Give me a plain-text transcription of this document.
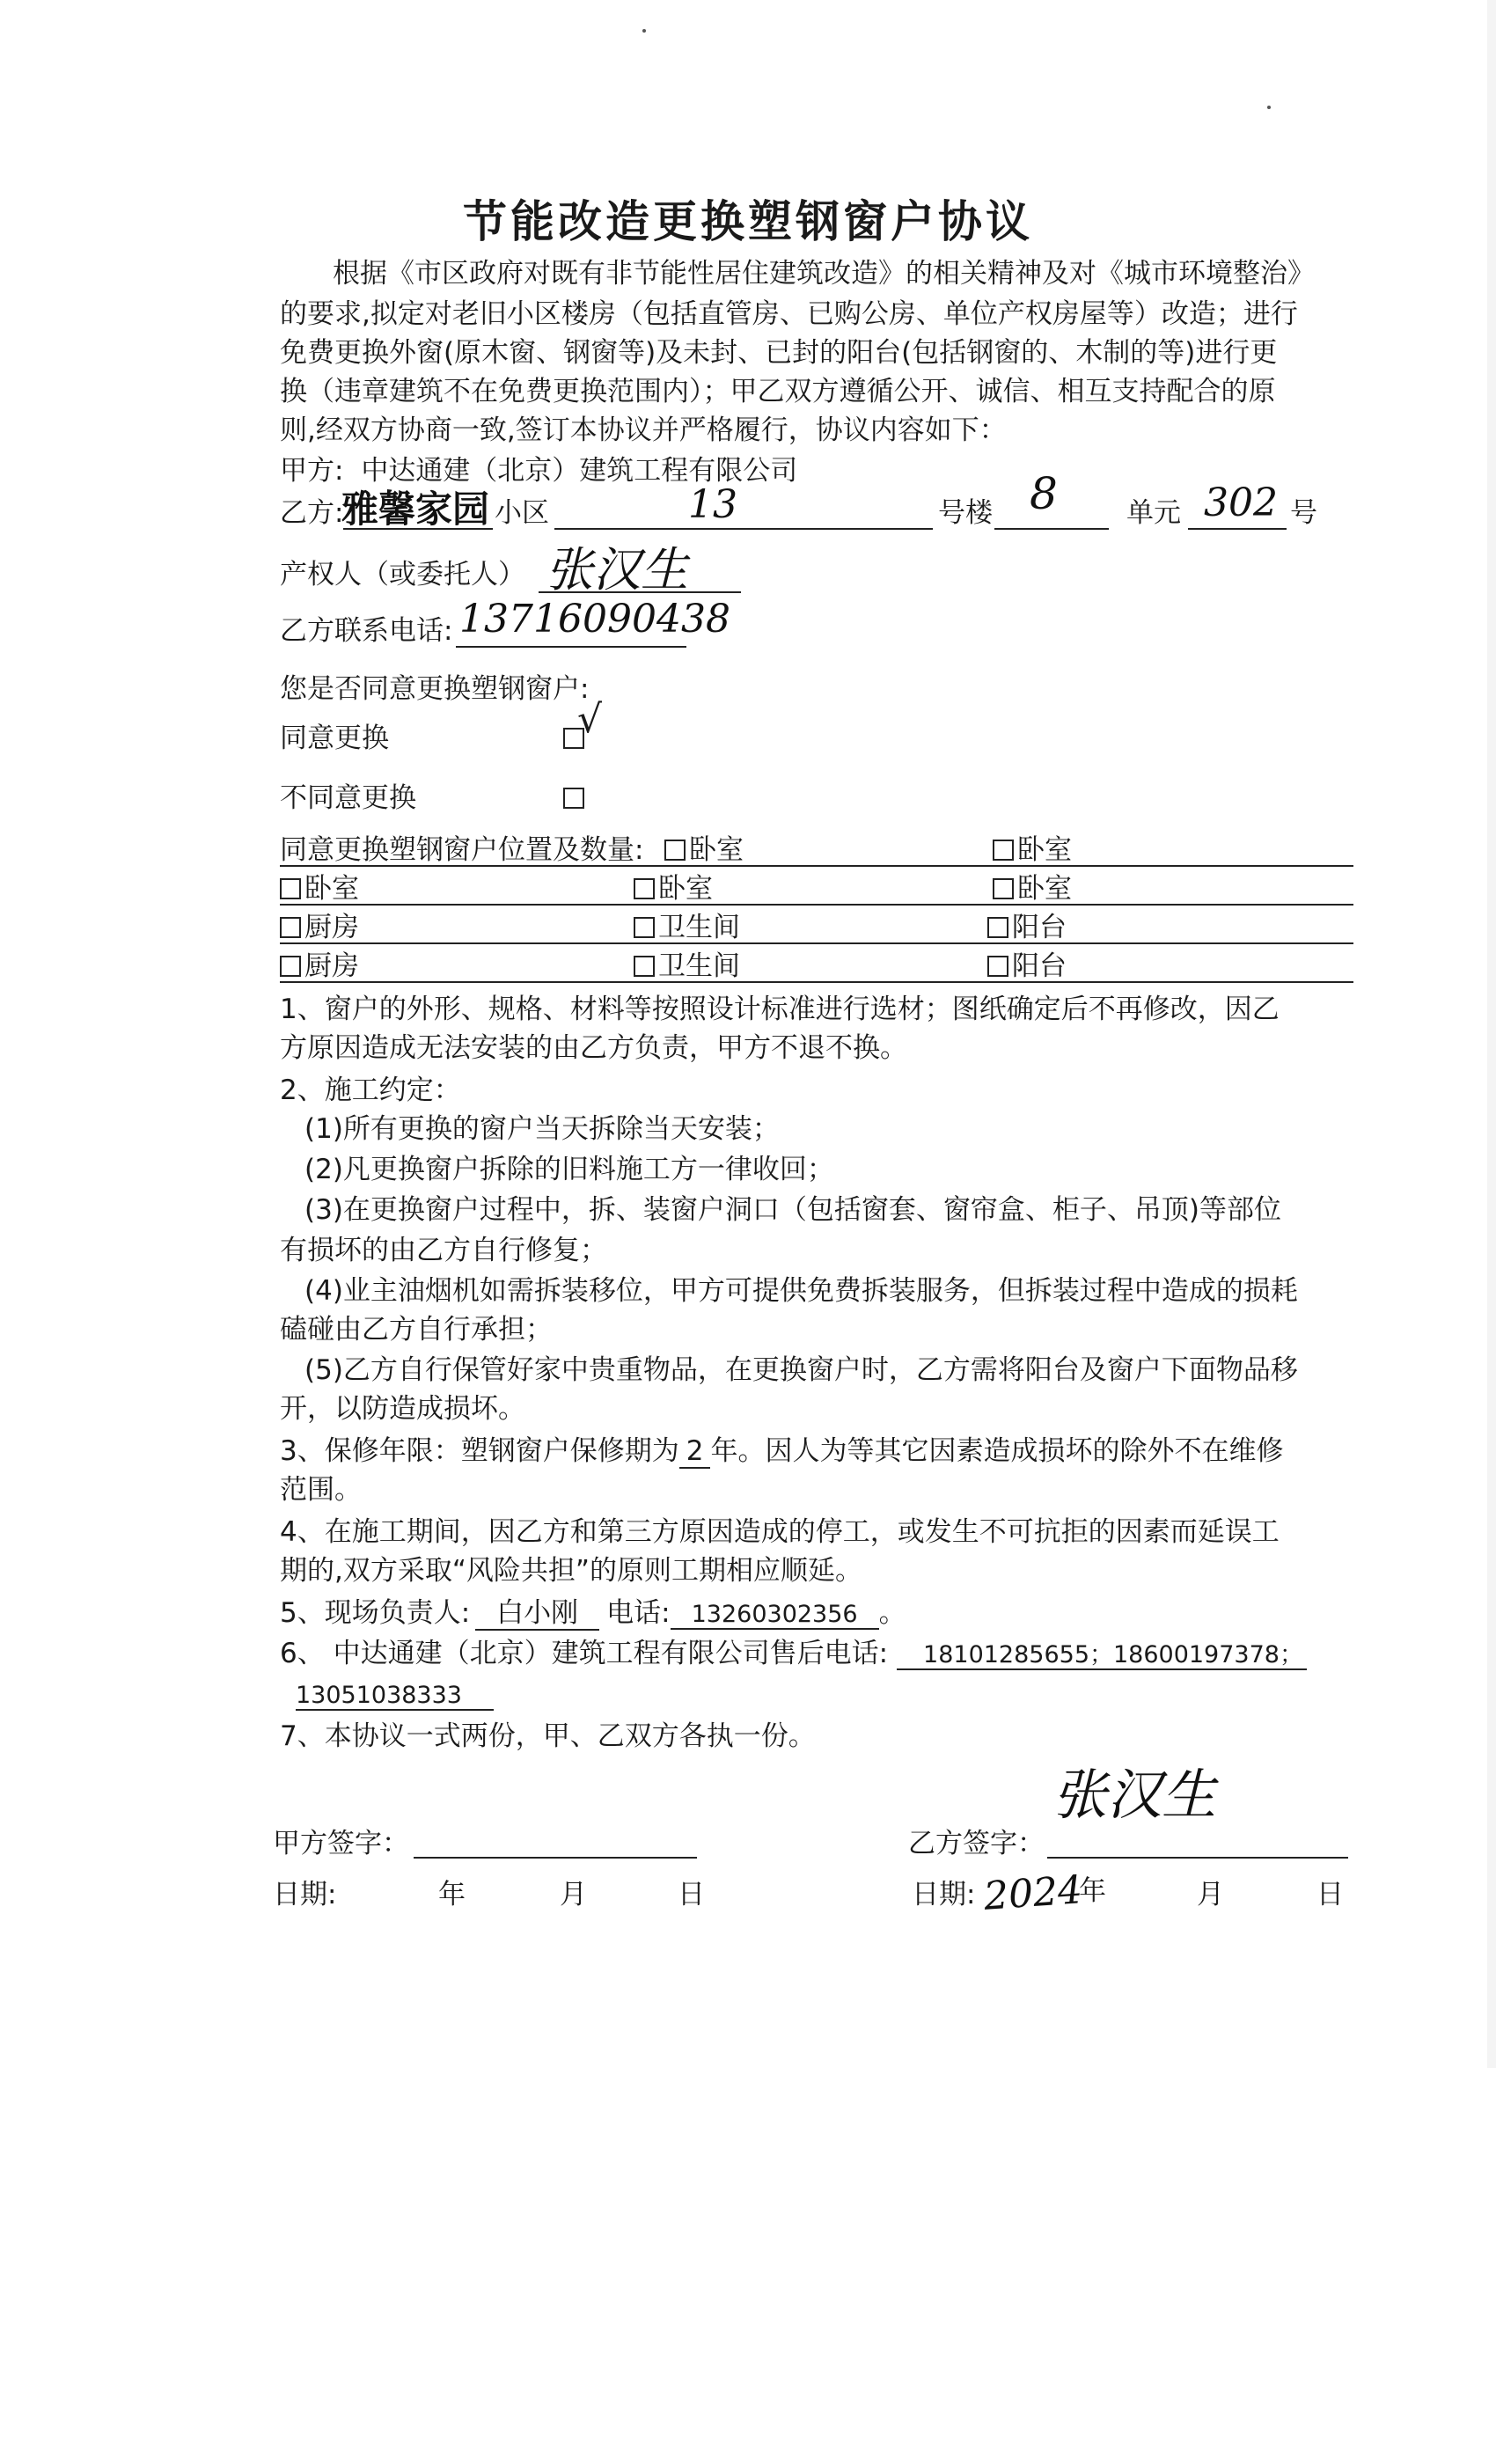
节能改造更换塑钢窗户协议
根据《市区政府对既有非节能性居住建筑改造》的相关精神及对《城市环境整治》
的要求,拟定对老旧小区楼房（包括直管房、已购公房、单位产权房屋等）改造；进行
免费更换外窗(原木窗、钢窗等)及未封、已封的阳台(包括钢窗的、木制的等)进行更
换（违章建筑不在免费更换范围内）；甲乙双方遵循公开、诚信、相互支持配合的原
则,经双方协商一致,签订本协议并严格履行，协议内容如下：
甲方: 中达通建（北京）建筑工程有限公司
乙方:
雅馨家园 小区	13	号楼 8	单元 302 号
产权人（或委托人） 张汉生
乙方联系电话: 13716090438
您是否同意更换塑钢窗户:
同意更换	√
不同意更换
同意更换塑钢窗户位置及数量:	卧室	卧室
卧室	卧室	卧室
厨房	卫生间	阳台
厨房	卫生间	阳台
1、窗户的外形、规格、材料等按照设计标准进行选材；图纸确定后不再修改，因乙
方原因造成无法安装的由乙方负责，甲方不退不换。
2、施工约定：
(1)所有更换的窗户当天拆除当天安装；
(2)凡更换窗户拆除的旧料施工方一律收回；
(3)在更换窗户过程中，拆、装窗户洞口（包括窗套、窗帘盒、柜子、吊顶)等部位
有损坏的由乙方自行修复；
(4)业主油烟机如需拆装移位，甲方可提供免费拆装服务，但拆装过程中造成的损耗
磕碰由乙方自行承担；
(5)乙方自行保管好家中贵重物品，在更换窗户时，乙方需将阳台及窗户下面物品移
开，以防造成损坏。
3、保修年限：塑钢窗户保修期为 2 年。因人为等其它因素造成损坏的除外不在维修
范围。
4、在施工期间，因乙方和第三方原因造成的停工，或发生不可抗拒的因素而延误工
期的,双方采取“风险共担”的原则工期相应顺延。
5、现场负责人: 白小刚 电话: 13260302356 。
6、 中达通建（北京）建筑工程有限公司售后电话: 18101285655；18600197378；
13051038333
7、本协议一式两份，甲、乙双方各执一份。
甲方签字：	乙方签字：
张汉生
日期:	年	月	日	日期: 2024
年	月	日
